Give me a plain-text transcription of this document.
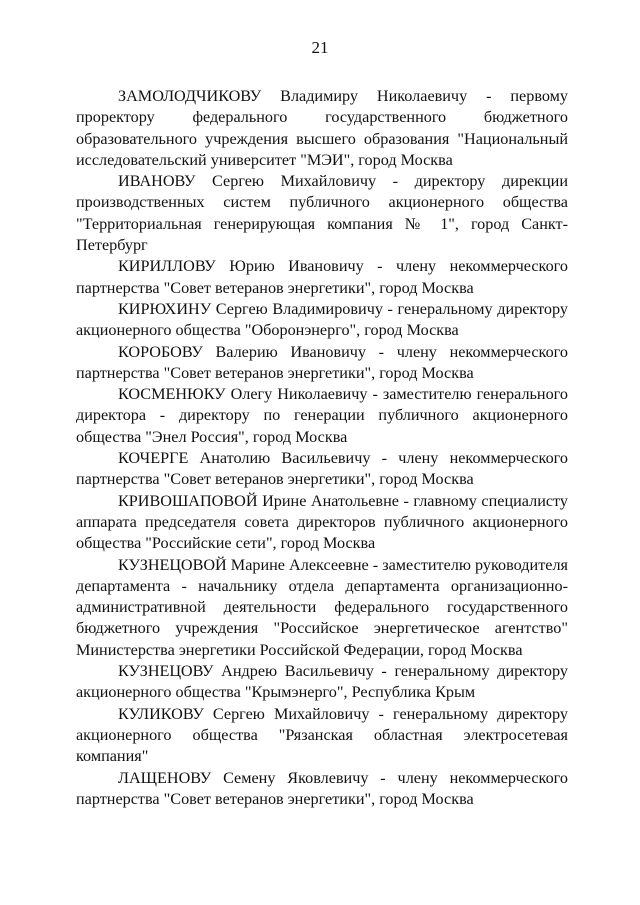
21

ЗАМОЛОДЧИКОВУ Владимиру Николаевичу - первому проректору федерального государственного бюджетного образовательного учреждения высшего образования "Национальный исследовательский университет "МЭИ", город Москва

ИВАНОВУ Сергею Михайловичу - директору дирекции производственных систем публичного акционерного общества "Территориальная генерирующая компания № 1", город Санкт-Петербург

КИРИЛЛОВУ Юрию Ивановичу - члену некоммерческого партнерства "Совет ветеранов энергетики", город Москва

КИРЮХИНУ Сергею Владимировичу - генеральному директору акционерного общества "Оборонэнерго", город Москва

КОРОБОВУ Валерию Ивановичу - члену некоммерческого партнерства "Совет ветеранов энергетики", город Москва

КОСМЕНЮКУ Олегу Николаевичу - заместителю генерального директора - директору по генерации публичного акционерного общества "Энел Россия", город Москва

КОЧЕРГЕ Анатолию Васильевичу - члену некоммерческого партнерства "Совет ветеранов энергетики", город Москва

КРИВОШАПОВОЙ Ирине Анатольевне - главному специалисту аппарата председателя совета директоров публичного акционерного общества "Российские сети", город Москва

КУЗНЕЦОВОЙ Марине Алексеевне - заместителю руководителя департамента - начальнику отдела департамента организационно-административной деятельности федерального государственного бюджетного учреждения "Российское энергетическое агентство" Министерства энергетики Российской Федерации, город Москва

КУЗНЕЦОВУ Андрею Васильевичу - генеральному директору акционерного общества "Крымэнерго", Республика Крым

КУЛИКОВУ Сергею Михайловичу - генеральному директору акционерного общества "Рязанская областная электросетевая компания"

ЛАЩЕНОВУ Семену Яковлевичу - члену некоммерческого партнерства "Совет ветеранов энергетики", город Москва
